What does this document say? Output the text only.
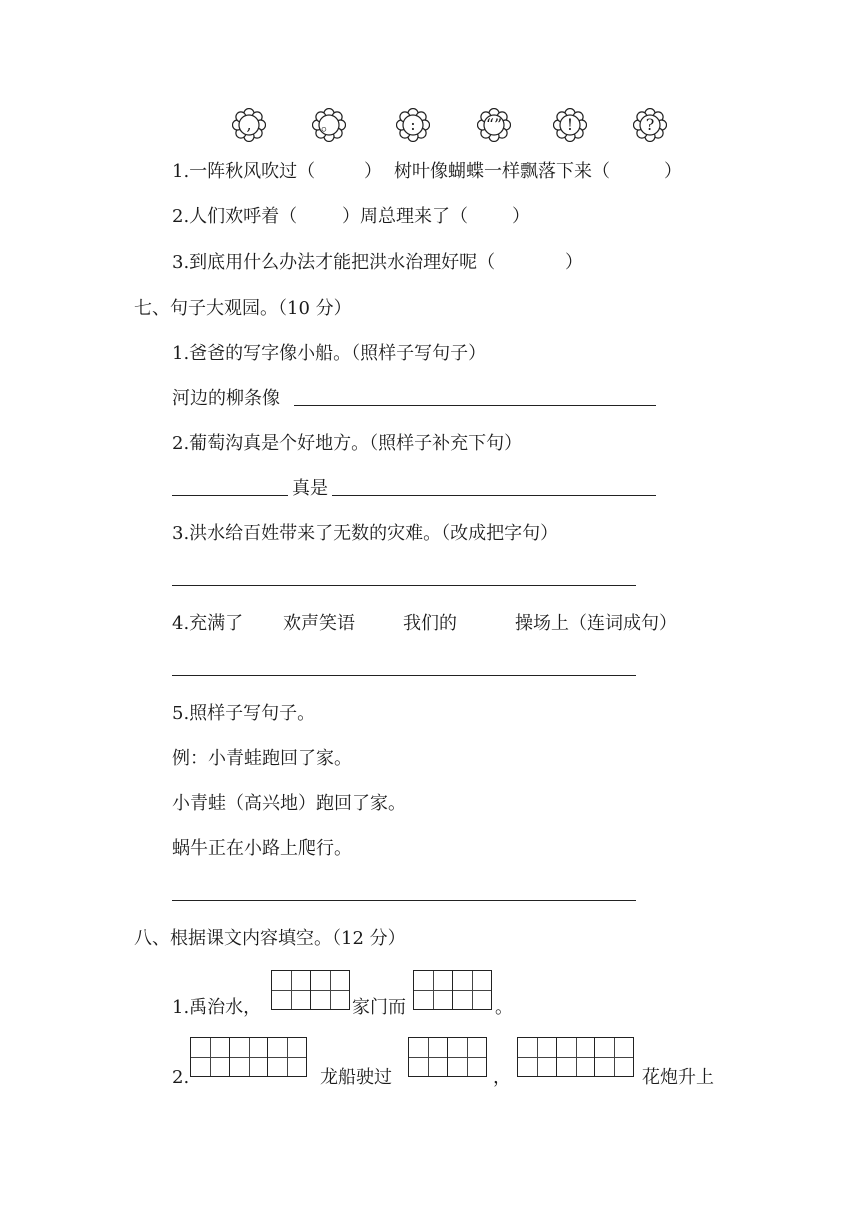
,	。	:	“”	!	?
1.一阵秋风吹过（	） 树叶像蝴蝶一样飘落下来（	）
2.人们欢呼着（ ）周总理来了（ ）
3.到底用什么办法才能把洪水治理好呢（	）
七、句子大观园。（10 分）
1.爸爸的写字像小船。（照样子写句子）
河边的柳条像
2.葡萄沟真是个好地方。（照样子补充下句）
真是
3.洪水给百姓带来了无数的灾难。（改成把字句）
4.充满了 欢声笑语	我们的	操场上（连词成句）
5.照样子写句子。
例：小青蛙跑回了家。
小青蛙（高兴地）跑回了家。
蜗牛正在小路上爬行。
八、根据课文内容填空。（12 分）
1.禹治水，	家门而	。
2.	龙船驶过	，	花炮升上
